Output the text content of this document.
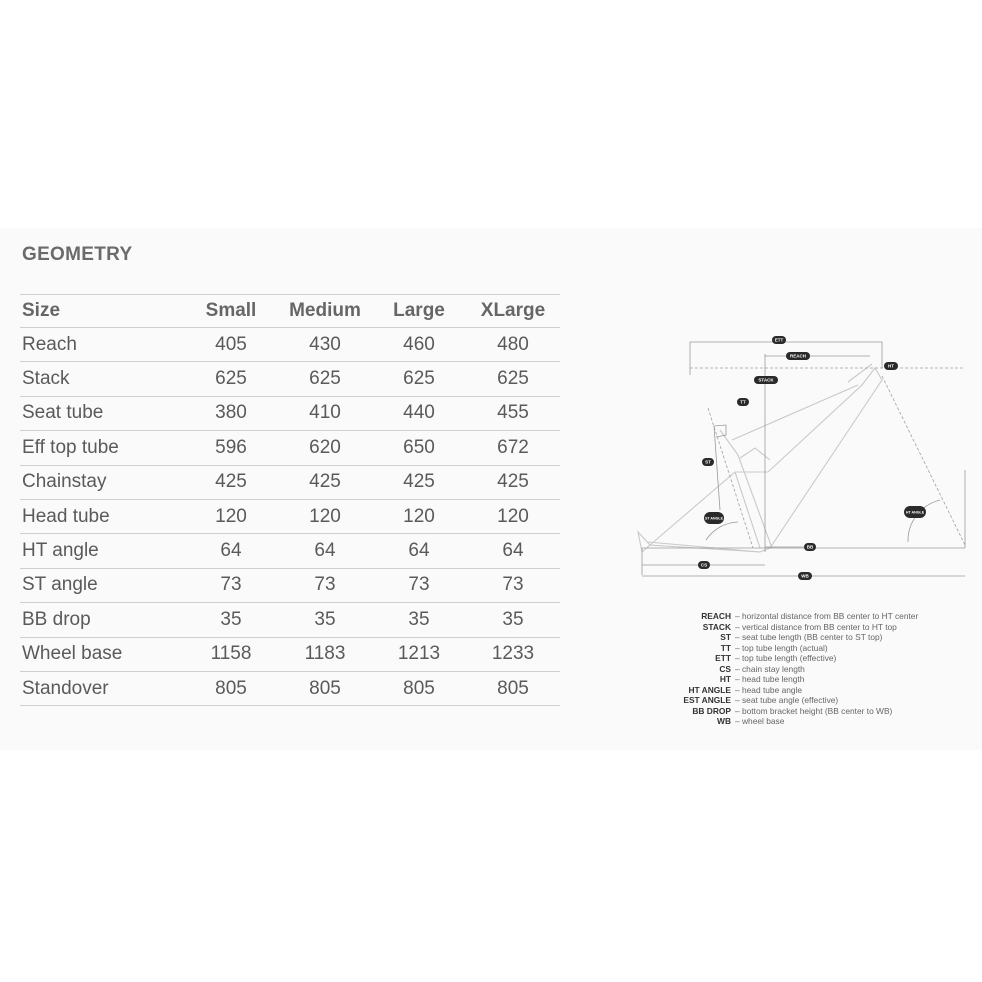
GEOMETRY
Size	Small	Medium	Large	XLarge
Reach	405	430	460	480
Stack	625	625	625	625
Seat tube	380	410	440	455
Eff top tube	596	620	650	672
Chainstay	425	425	425	425
Head tube	120	120	120	120
HT angle	64	64	64	64
ST angle	73	73	73	73
BB drop	35	35	35	35
Wheel base	1158	1183	1213	1233
Standover	805	805	805	805
ETT
REACH
STACK
HT
TT
ST
ST ANGLE
HT ANGLE
BB
CS
WB
REACH – horizontal distance from BB center to HT center
STACK – vertical distance from BB center to HT top
ST – seat tube length (BB center to ST top)
TT – top tube length (actual)
ETT – top tube length (effective)
CS – chain stay length
HT – head tube length
HT ANGLE – head tube angle
EST ANGLE – seat tube angle (effective)
BB DROP – bottom bracket height (BB center to WB)
WB – wheel base
